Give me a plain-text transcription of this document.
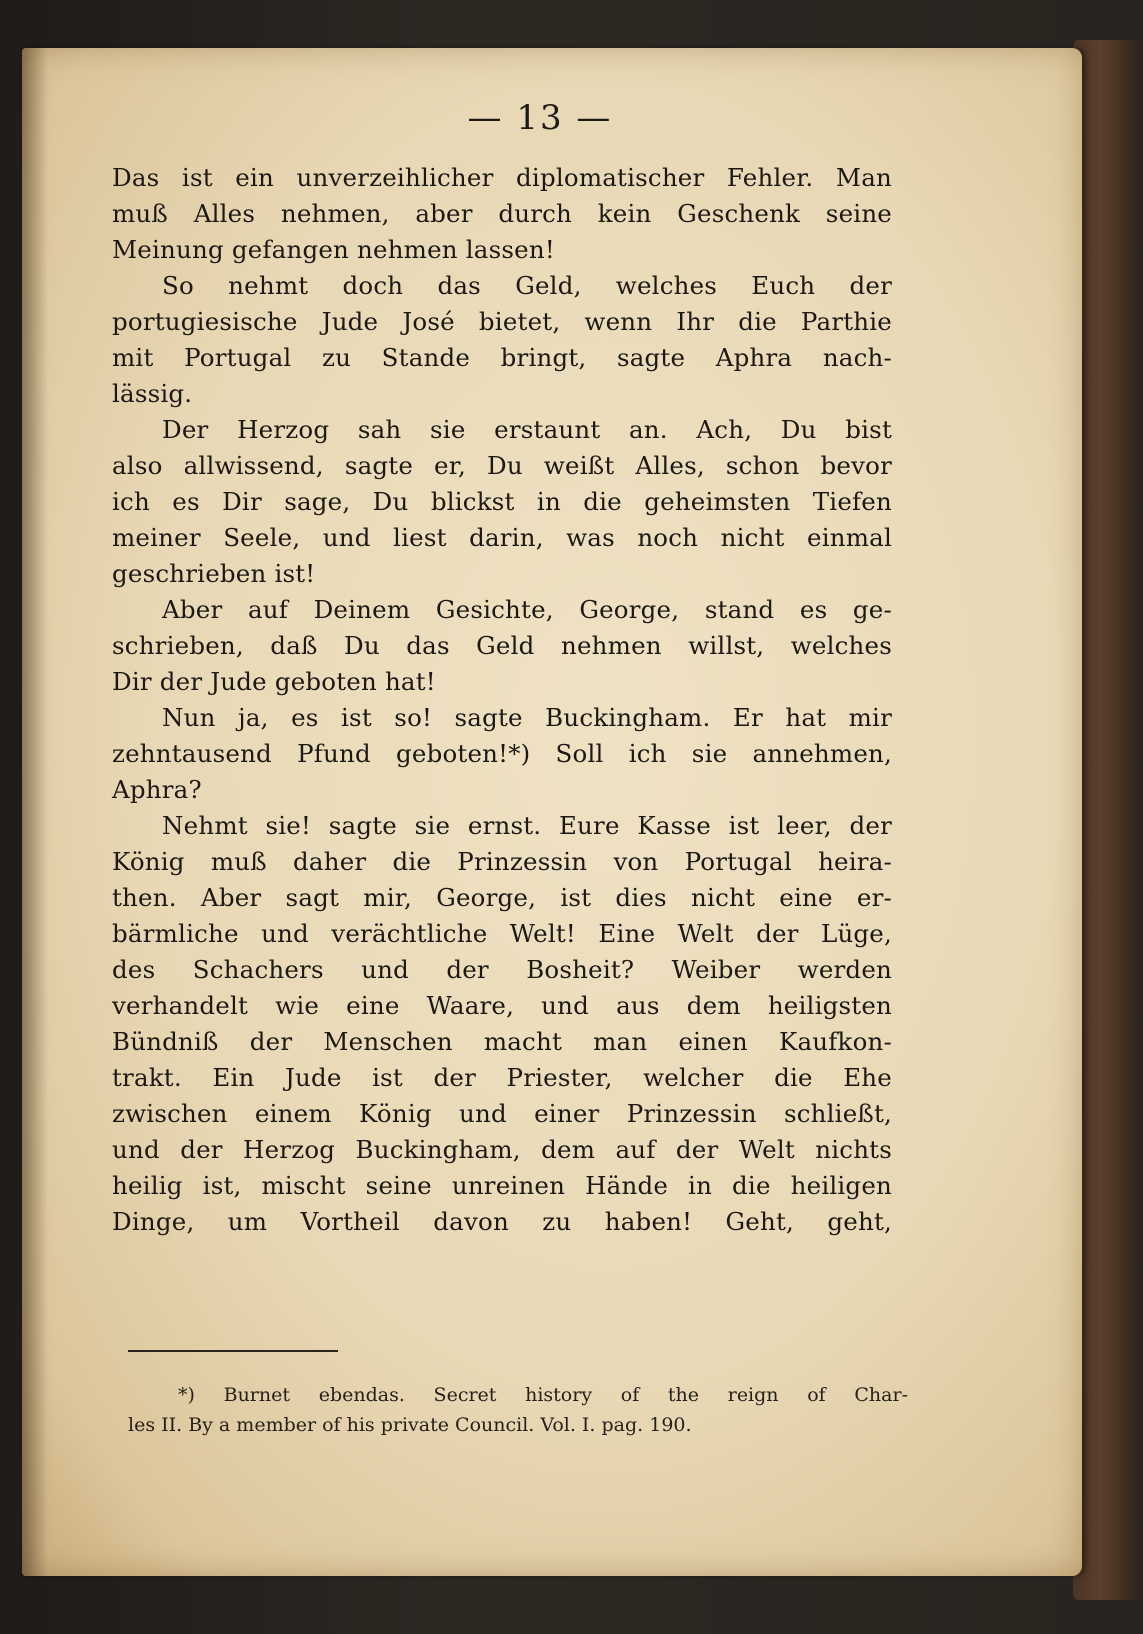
— 13 —
Das ist ein unverzeihlicher diplomatischer Fehler. Man
muß Alles nehmen, aber durch kein Geschenk seine
Meinung gefangen nehmen lassen!
So nehmt doch das Geld, welches Euch der
portugiesische Jude José bietet, wenn Ihr die Parthie
mit Portugal zu Stande bringt, sagte Aphra nach-
lässig.
Der Herzog sah sie erstaunt an. Ach, Du bist
also allwissend, sagte er, Du weißt Alles, schon bevor
ich es Dir sage, Du blickst in die geheimsten Tiefen
meiner Seele, und liest darin, was noch nicht einmal
geschrieben ist!
Aber auf Deinem Gesichte, George, stand es ge-
schrieben, daß Du das Geld nehmen willst, welches
Dir der Jude geboten hat!
Nun ja, es ist so! sagte Buckingham. Er hat mir
zehntausend Pfund geboten!*) Soll ich sie annehmen,
Aphra?
Nehmt sie! sagte sie ernst. Eure Kasse ist leer, der
König muß daher die Prinzessin von Portugal heira-
then. Aber sagt mir, George, ist dies nicht eine er-
bärmliche und verächtliche Welt! Eine Welt der Lüge,
des Schachers und der Bosheit? Weiber werden
verhandelt wie eine Waare, und aus dem heiligsten
Bündniß der Menschen macht man einen Kaufkon-
trakt. Ein Jude ist der Priester, welcher die Ehe
zwischen einem König und einer Prinzessin schließt,
und der Herzog Buckingham, dem auf der Welt nichts
heilig ist, mischt seine unreinen Hände in die heiligen
Dinge, um Vortheil davon zu haben! Geht, geht,
*) Burnet ebendas. Secret history of the reign of Char-
les II. By a member of his private Council. Vol. I. pag. 190.
